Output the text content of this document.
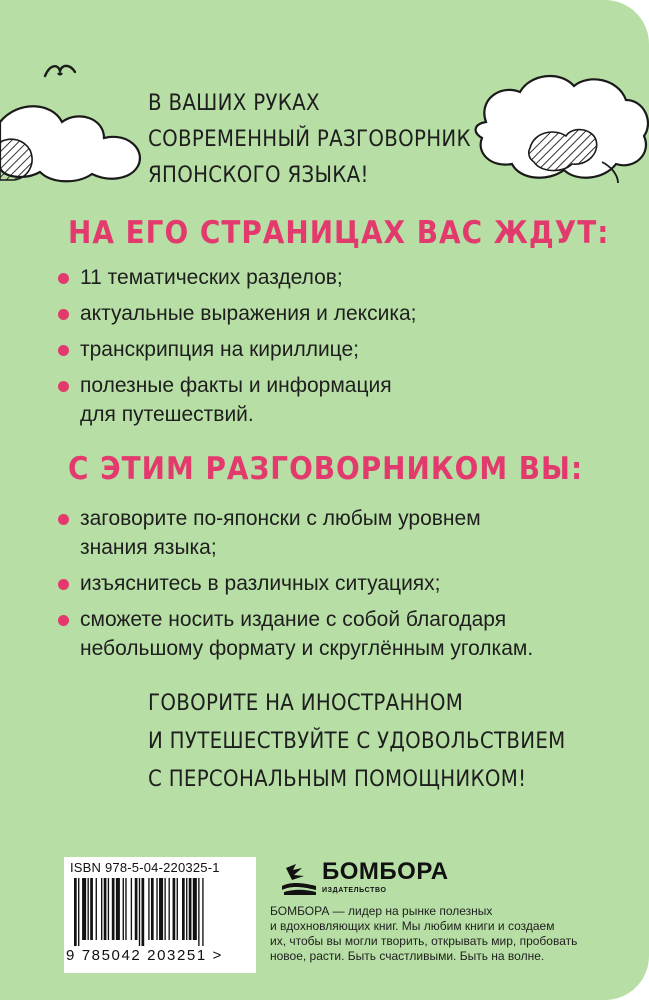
В ВАШИХ РУКАХ
СОВРЕМЕННЫЙ РАЗГОВОРНИК
ЯПОНСКОГО ЯЗЫКА!
НА ЕГО СТРАНИЦАХ ВАС ЖДУТ:
11 тематических разделов;
актуальные выражения и лексика;
транскрипция на кириллице;
полезные факты и информация
для путешествий.
С ЭТИМ РАЗГОВОРНИКОМ ВЫ:
заговорите по-японски с любым уровнем
знания языка;
изъяснитесь в различных ситуациях;
сможете носить издание с собой благодаря
небольшому формату и скруглённым уголкам.
ГОВОРИТЕ НА ИНОСТРАННОМ
И ПУТЕШЕСТВУЙТЕ С УДОВОЛЬСТВИЕМ
С ПЕРСОНАЛЬНЫМ ПОМОЩНИКОМ!
ISBN 978-5-04-220325-1
9 785042 203251 >
БОМБОРА
ИЗДАТЕЛЬСТВО
БОМБОРА — лидер на рынке полезных
и вдохновляющих книг. Мы любим книги и создаем
их, чтобы вы могли творить, открывать мир, пробовать
новое, расти. Быть счастливыми. Быть на волне.
